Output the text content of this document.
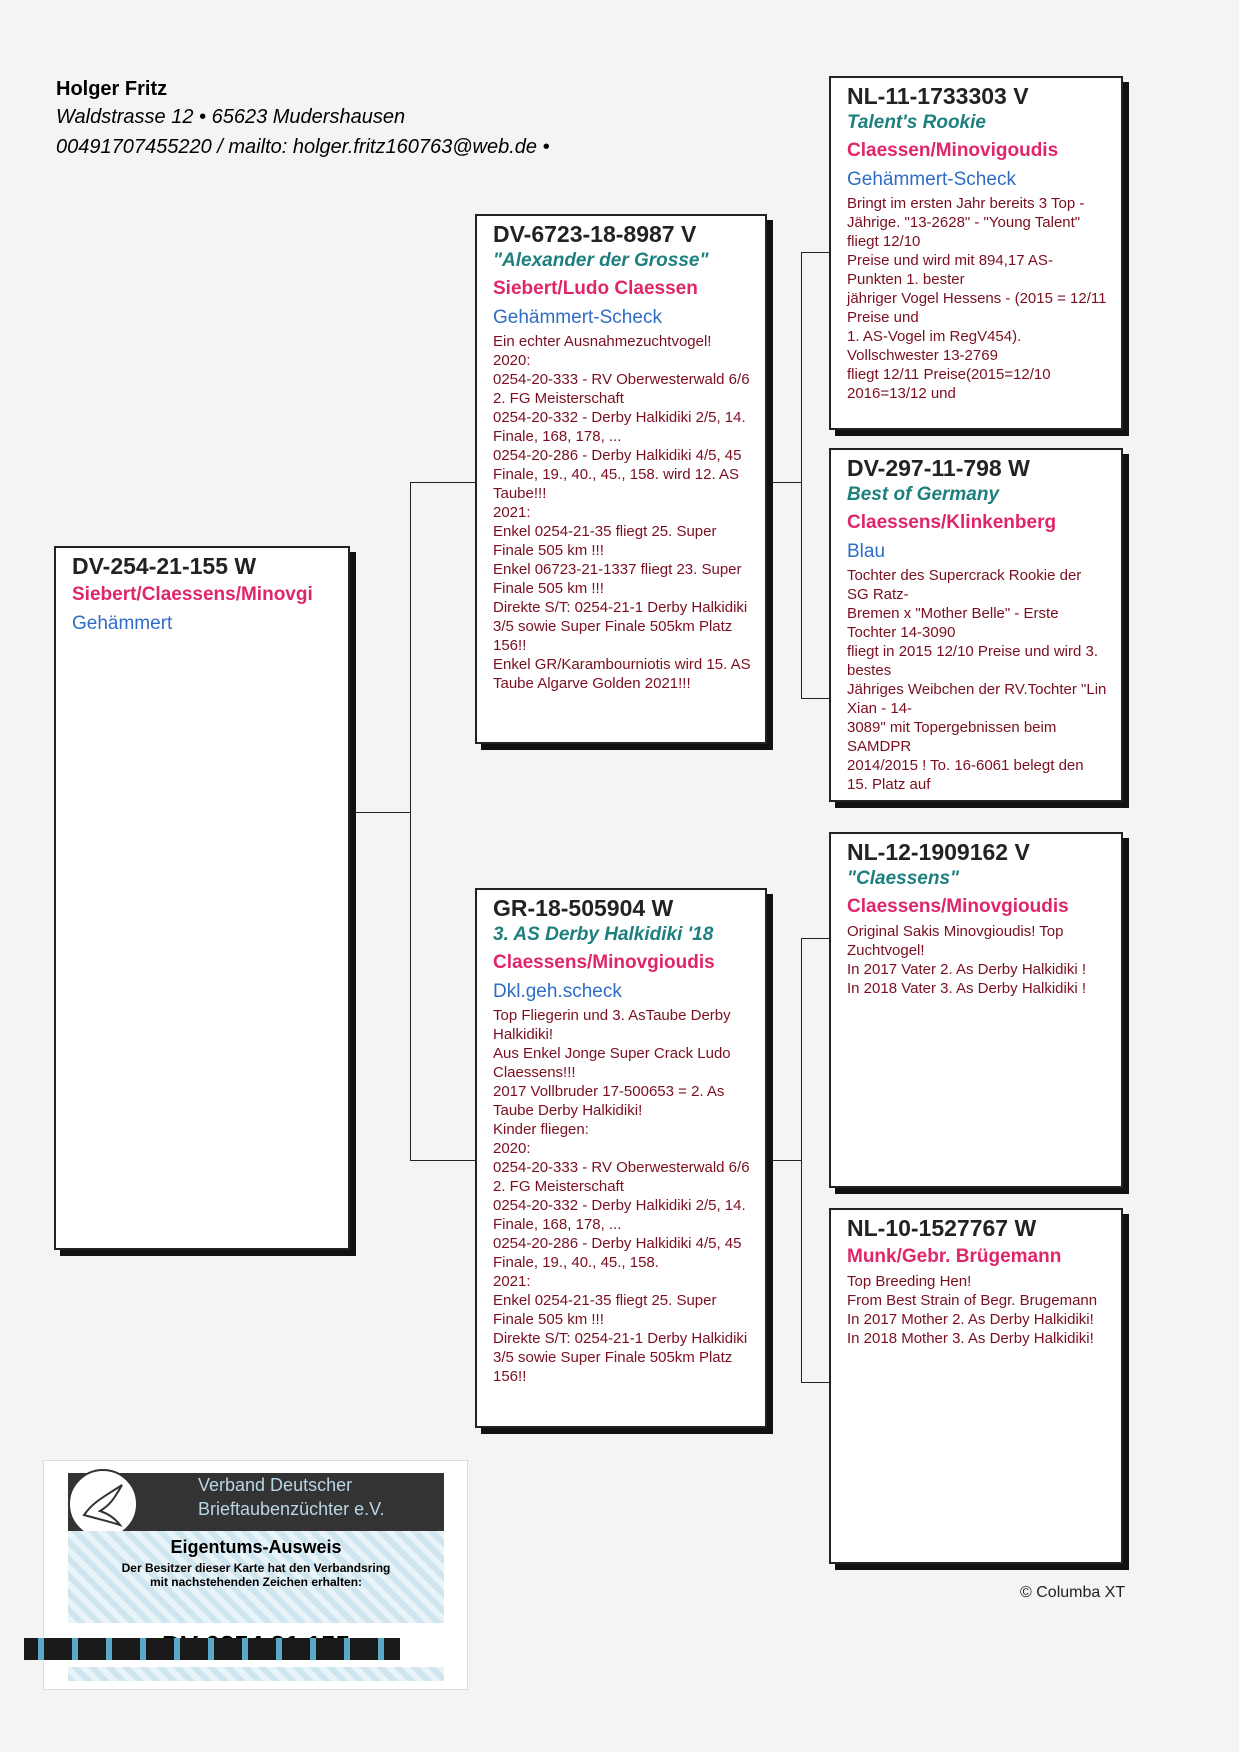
Holger Fritz
Waldstrasse 12 • 65623 Mudershausen
00491707455220 / mailto: holger.fritz160763@web.de •
DV-254-21-155 W
Siebert/Claessens/Minovgi
Gehämmert
DV-6723-18-8987 V
"Alexander der Grosse"
Siebert/Ludo Claessen
Gehämmert-Scheck
Ein echter Ausnahmezuchtvogel!
2020:
0254-20-333 - RV Oberwesterwald 6/6 2. FG Meisterschaft
0254-20-332 - Derby Halkidiki 2/5, 14. Finale, 168, 178, ...
0254-20-286 - Derby Halkidiki 4/5, 45 Finale, 19., 40., 45., 158. wird 12. AS Taube!!!
2021:
Enkel 0254-21-35 fliegt 25. Super Finale 505 km !!!
Enkel 06723-21-1337 fliegt 23. Super Finale 505 km !!!
Direkte S/T: 0254-21-1 Derby Halkidiki 3/5 sowie Super Finale 505km Platz 156!!
Enkel GR/Karambourniotis wird 15. AS Taube Algarve Golden 2021!!!
GR-18-505904 W
3. AS Derby Halkidiki '18
Claessens/Minovgioudis
Dkl.geh.scheck
Top Fliegerin und 3. AsTaube Derby Halkidiki!
Aus Enkel Jonge Super Crack Ludo Claessens!!!
2017 Vollbruder 17-500653 = 2. As Taube Derby Halkidiki!
Kinder fliegen:
2020:
0254-20-333 - RV Oberwesterwald 6/6 2. FG Meisterschaft
0254-20-332 - Derby Halkidiki 2/5, 14. Finale, 168, 178, ...
0254-20-286 - Derby Halkidiki 4/5, 45 Finale, 19., 40., 45., 158.
2021:
Enkel 0254-21-35 fliegt 25. Super Finale 505 km !!!
Direkte S/T: 0254-21-1 Derby Halkidiki 3/5 sowie Super Finale 505km Platz 156!!
NL-11-1733303 V
Talent's Rookie
Claessen/Minovigoudis
Gehämmert-Scheck
Bringt im ersten Jahr bereits 3 Top -
Jährige. "13-2628" - "Young Talent" fliegt 12/10
Preise und wird mit 894,17 AS-Punkten 1. bester
jähriger Vogel Hessens - (2015 = 12/11 Preise und
1. AS-Vogel im RegV454).
Vollschwester 13-2769
fliegt 12/11 Preise(2015=12/10
2016=13/12 und
DV-297-11-798 W
Best of Germany
Claessens/Klinkenberg
Blau
Tochter des Supercrack Rookie der SG Ratz-
Bremen x "Mother Belle" - Erste Tochter 14-3090
fliegt in 2015 12/10 Preise und wird 3. bestes
Jähriges Weibchen der RV.Tochter "Lin Xian - 14-
3089" mit Topergebnissen beim SAMDPR
2014/2015 ! To. 16-6061 belegt den 15. Platz auf
NL-12-1909162 V
"Claessens"
Claessens/Minovgioudis
Original Sakis Minovgioudis! Top Zuchtvogel!
In 2017 Vater 2. As Derby Halkidiki !
In 2018 Vater 3. As Derby Halkidiki !
NL-10-1527767 W
Munk/Gebr. Brügemann
Top Breeding Hen!
From Best Strain of Begr. Brugemann
In 2017 Mother 2. As Derby Halkidiki!
In 2018 Mother 3. As Derby Halkidiki!
Verband Deutscher Brieftaubenzüchter e.V.
Eigentums-Ausweis
Der Besitzer dieser Karte hat den Verbandsring
mit nachstehenden Zeichen erhalten:
© Columba XT
